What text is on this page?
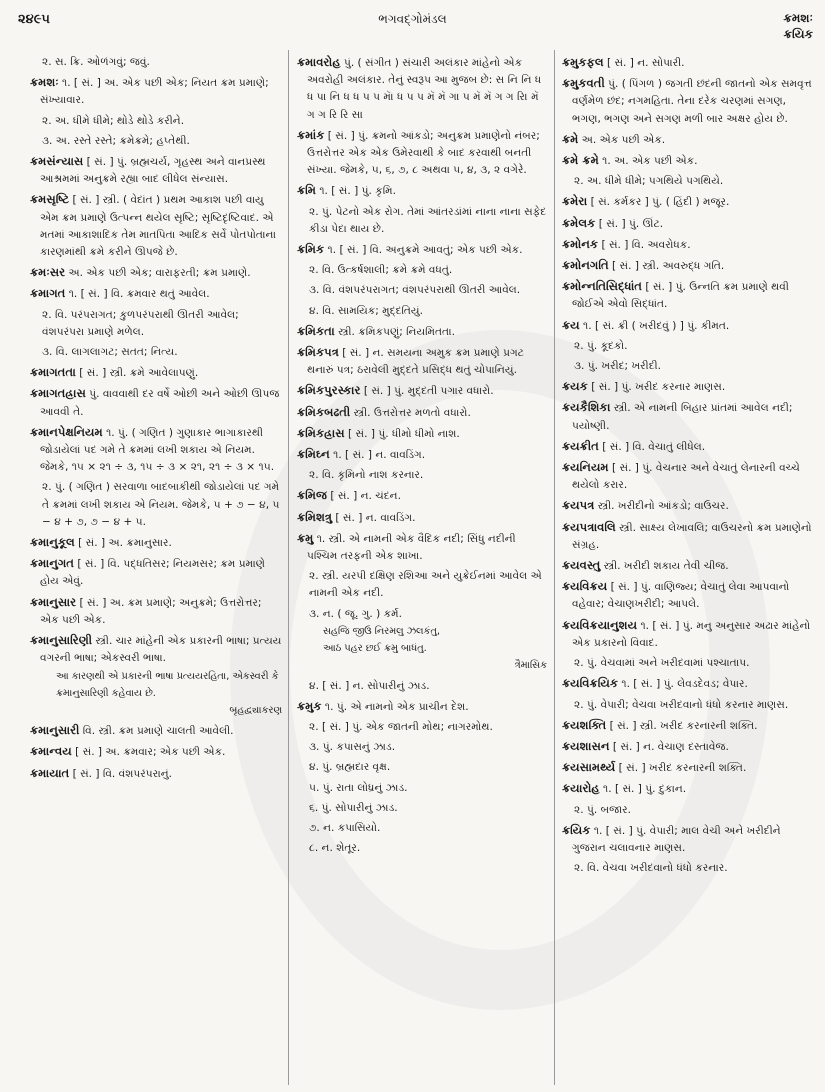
૨૪૯૫	ભગવદ્ગોમંડલ	ક્રમશઃ
ક્રયિક
૨. સ. ક્રિ. ઓળંગવું; જવું.
ક્રમશઃ ૧. [ સં. ] અ. એક પછી એક; નિયત ક્રમ પ્રમાણે; સંખ્યાવાર.
૨. અ. ધીમે ધીમે; થોડે થોડે કરીને.
૩. અ. રસ્તે રસ્તે; ક્રમેક્રમે; હપ્તેથી.
ક્રમસંન્યાસ [ સં. ] પું. બ્રહ્મચર્ય, ગૃહસ્થ અને વાનપ્રસ્થ આશ્રમમાં અનુક્રમે રહ્યા બાદ લીધેલ સંન્યાસ.
ક્રમસૃષ્ટિ [ સં. ] સ્ત્રી. ( વેદાંત ) પ્રથમ આકાશ પછી વાયુ એમ ક્રમ પ્રમાણે ઉત્પન્ન થયેલ સૃષ્ટિ; સૃષ્ટિદૃષ્ટિવાદ. એ મતમાં આકાશાદિક તેમ માતપિતા આદિક સર્વે પોતપોતાના કારણમાંથી ક્રમે કરીને ઊપજે છે.
ક્રમઃસર અ. એક પછી એક; વારાફરતી; ક્રમ પ્રમાણે.
ક્રમાગત ૧. [ સં. ] વિ. ક્રમવાર થતું આવેલ.
૨. વિ. પરંપરાગત; કુળપરંપરાથી ઊતરી આવેલ; વંશપરંપરા પ્રમાણે મળેલ.
૩. વિ. લાગલાગટ; સતત; નિત્ય.
ક્રમાગતતા [ સં. ] સ્ત્રી. ક્રમે આવેલાપણું.
ક્રમાગતહ્રાસ પું. વાવવાથી દર વર્ષે ઓછી અને ઓછી ઊપજ આવવી તે.
ક્રમાનપેક્ષનિયમ ૧. પું. ( ગણિત ) ગુણાકાર ભાગાકારથી જોડાયેલાં પદ ગમે તે ક્રમમાં લખી શકાય એ નિયમ. જેમકે, ૧૫ × ૨૧ ÷ ૩, ૧૫ ÷ ૩ × ૨૧, ૨૧ ÷ ૩ × ૧૫.
૨. પું. ( ગણિત ) સરવાળા બાદબાકીથી જોડાયેલાં પદ ગમે તે ક્રમમાં લખી શકાય એ નિયમ. જેમકે, ૫ + ૭ − ૪, ૫ − ૪ + ૭, ૭ − ૪ + ૫.
ક્રમાનુકૂલ [ સં. ] અ. ક્રમાનુસાર.
ક્રમાનુગત [ સં. ] વિ. પદ્ધતિસર; નિયમસર; ક્રમ પ્રમાણે હોય એવું.
ક્રમાનુસાર [ સં. ] અ. ક્રમ પ્રમાણે; અનુક્રમે; ઉત્તરોત્તર; એક પછી એક.
ક્રમાનુસારિણી સ્ત્રી. ચાર માંહેની એક પ્રકારની ભાષા; પ્રત્યય વગરની ભાષા; એકસ્વરી ભાષા.
આ કારણથી એ પ્રકારની ભાષા પ્રત્યયરહિતા, એકસ્વરી કે ક્રમાનુસારિણી કહેવાય છે.
બૃહદ્વ્યાકરણ
ક્રમાનુસારી વિ. સ્ત્રી. ક્રમ પ્રમાણે ચાલતી આવેલી.
ક્રમાન્વય [ સં. ] અ. ક્રમવાર; એક પછી એક.
ક્રમાયાત [ સં. ] વિ. વંશપરંપરાનું.
ક્રમાવરોહ પું. ( સંગીત ) સંચારી અલંકાર માંહેનો એક અવરોહી અલંકાર. તેનું સ્વરૂપ આ મુજબ છે: સ નિ નિ ધ ધ પ। નિ ધ ધ પ પ મૅ। ધ પ પ મૅ મૅ ગ। પ મૅ મૅ ગ ગ રિ। મૅ ગ ગ રિ રિ સ।
ક્રમાંક [ સં. ] પું. ક્રમનો આંકડો; અનુક્રમ પ્રમાણેનો નંબર; ઉત્તરોત્તર એક એક ઉમેરવાથી કે બાદ કરવાથી બનતી સંખ્યા. જેમકે, ૫, ૬, ૭, ૮ અથવા ૫, ૪, ૩, ૨ વગેરે.
ક્રમિ ૧. [ સં. ] પું. કૃમિ.
૨. પું. પેટનો એક રોગ. તેમાં આંતરડાંમાં નાના નાના સફેદ કીડા પેદા થાય છે.
ક્રમિક ૧. [ સં. ] વિ. અનુક્રમે આવતું; એક પછી એક.
૨. વિ. ઉત્કર્ષશાલી; ક્રમે ક્રમે વધતું.
૩. વિ. વંશપરંપરાગત; વંશપરંપરાથી ઊતરી આવેલ.
૪. વિ. સામયિક; મુદ્દતિયું.
ક્રમિકતા સ્ત્રી. ક્રમિકપણું; નિયમિતતા.
ક્રમિકપત્ર [ સં. ] ન. સમયના અમુક ક્રમ પ્રમાણે પ્રગટ થનારું પત્ર; ઠરાવેલી મુદ્દતે પ્રસિદ્ધ થતું ચોપાનિયું.
ક્રમિકપુરસ્કાર [ સં. ] પું. મુદ્દતી પગાર વધારો.
ક્રમિકબઢતી સ્ત્રી. ઉત્તરોત્તર મળતો વધારો.
ક્રમિકહ્રાસ [ સં. ] પું. ધીમો ધીમો નાશ.
ક્રમિઘ્ન ૧. [ સં. ] ન. વાવડિંગ.
૨. વિ. કૃમિનો નાશ કરનાર.
ક્રમિજ [ સં. ] ન. ચંદન.
ક્રમિશત્રુ [ સં. ] ન. વાવડિંગ.
ક્રમુ ૧. સ્ત્રી. એ નામની એક વૈદિક નદી; સિંધુ નદીની પશ્ચિમ તરફની એક શાખા.
૨. સ્ત્રી. યરપી દક્ષિણ રશિઆ અને યુક્રેઈનમાં આવેલ એ નામની એક નદી.
૩. ન. ( જૂ. ગુ. ) કર્મ.
સહજિ જીઉ નિરમલુ ઝલકંતુ,
આઠ પહર છઈ ક્રમુ બાધંતુ.
ત્રૈમાસિક
૪. [ સં. ] ન. સોપારીનું ઝાડ.
ક્રમુક ૧. પું. એ નામનો એક પ્રાચીન દેશ.
૨. [ સં. ] પું. એક જાતની મોથ; નાગરમોથ.
૩. પું. કપાસનું ઝાડ.
૪. પું. બ્રહ્મદાર વૃક્ષ.
૫. પું. રાતા લોધ્રનું ઝાડ.
૬. પું. સોપારીનું ઝાડ.
૭. ન. કપાસિયો.
૮. ન. શેતૂર.
ક્રમુકફલ [ સં. ] ન. સોપારી.
ક્રમુકવતી પું. ( પિંગળ ) જગતી છંદની જાતનો એક સમવૃત્ત વર્ણમેળ છંદ; નગમહિતા. તેના દરેક ચરણમાં સગણ, ભગણ, ભગણ અને સગણ મળી બાર અક્ષર હોય છે.
ક્રમે અ. એક પછી એક.
ક્રમે ક્રમે ૧. અ. એક પછી એક.
૨. અ. ધીમે ધીમે; પગથિયે પગથિયે.
ક્રમેરા [ સં. કર્મકર ] પું. ( હિંદી ) મજૂર.
ક્રમેલક [ સં. ] પું. ઊંટ.
ક્રમોનક [ સં. ] વિ. અવરોધક.
ક્રમોનગતિ [ સં. ] સ્ત્રી. અવરુદ્ધ ગતિ.
ક્રમોન્નતિસિદ્ધાંત [ સં. ] પું. ઉન્નતિ ક્રમ પ્રમાણે થવી જોઈએ એવો સિદ્ધાંત.
ક્રય ૧. [ સં. ક્રી ( ખરીદવું ) ] પું. કીમત.
૨. પું. કૂદકો.
૩. પું. ખરીદ; ખરીદી.
ક્રયક [ સં. ] પું. ખરીદ કરનાર માણસ.
ક્રયકૈશિકા સ્ત્રી. એ નામની બિહાર પ્રાંતમાં આવેલ નદી; પયોષ્ણી.
ક્રયક્રીત [ સં. ] વિ. વેચાતું લીધેલ.
ક્રયનિયમ [ સં. ] પું. વેચનાર અને વેચાતું લેનારની વચ્ચે થયેલો કરાર.
ક્રયપત્ર સ્ત્રી. ખરીદીનો આંકડો; વાઉચર.
ક્રયપત્રાવલિ સ્ત્રી. સાક્ષ્ય લેખાવલિ; વાઉચરનો ક્રમ પ્રમાણેનો સંગ્રહ.
ક્રયવસ્તુ સ્ત્રી. ખરીદી શકાય તેવી ચીજ.
ક્રયવિક્રય [ સં. ] પું. વાણિજ્ય; વેચાતું લેવા આપવાનો વહેવાર; વેચાણખરીદી; આપલે.
ક્રયવિક્રયાનુશય ૧. [ સં. ] પું. મનુ અનુસાર અઢાર માંહેનો એક પ્રકારનો વિવાદ.
૨. પું. વેચવામાં અને ખરીદવામાં પશ્ચાતાપ.
ક્રયવિક્રયિક ૧. [ સં. ] પું. લેવડદેવડ; વેપાર.
૨. પું. વેપારી; વેચવા ખરીદવાનો ધંધો કરનાર માણસ.
ક્રયશક્તિ [ સં. ] સ્ત્રી. ખરીદ કરનારની શક્તિ.
ક્રયશાસન [ સં. ] ન. વેચાણ દસ્તાવેજ.
ક્રયસામર્થ્ય [ સં. ] ખરીદ કરનારની શક્તિ.
ક્રયારોહ ૧. [ સં. ] પું. દુકાન.
૨. પું. બજાર.
ક્રયિક ૧. [ સં. ] પું. વેપારી; માલ વેચી અને ખરીદીને ગુજરાન ચલાવનાર માણસ.
૨. વિ. વેચવા ખરીદવાનો ધંધો કરનાર.
